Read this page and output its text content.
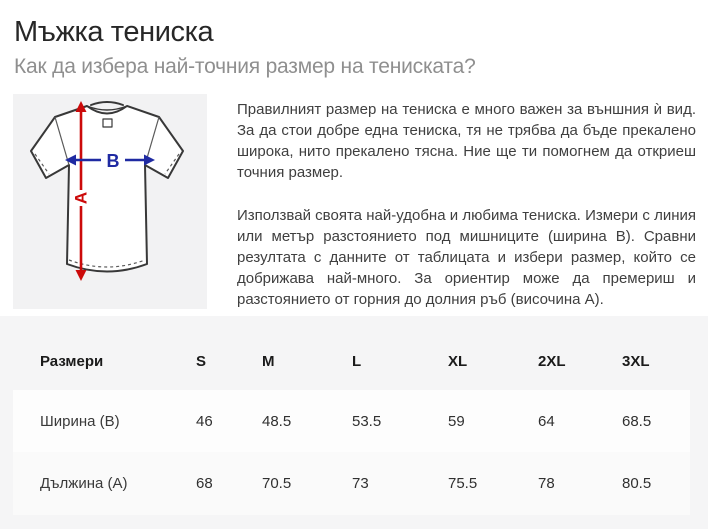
Мъжка тениска
Как да избера най-точния размер на тениската?
A
B

Правилният размер на тениска е много важен за външния ѝ вид. За да стои добре една тениска, тя не трябва да бъде прекалено широка, нито прекалено тясна. Ние ще ти помогнем да откриеш точния размер.

Използвай своята най-удобна и любима тениска. Измери с линия или метър разстоянието под мишниците (ширина B). Сравни резултата с данните от таблицата и избери размер, който се добрижава най-много. За ориентир може да премериш и разстоянието от горния до долния ръб (височина А).

Размери	S	M	L	XL	2XL	3XL
Ширина (B)	46	48.5	53.5	59	64	68.5
Дължина (А)	68	70.5	73	75.5	78	80.5
